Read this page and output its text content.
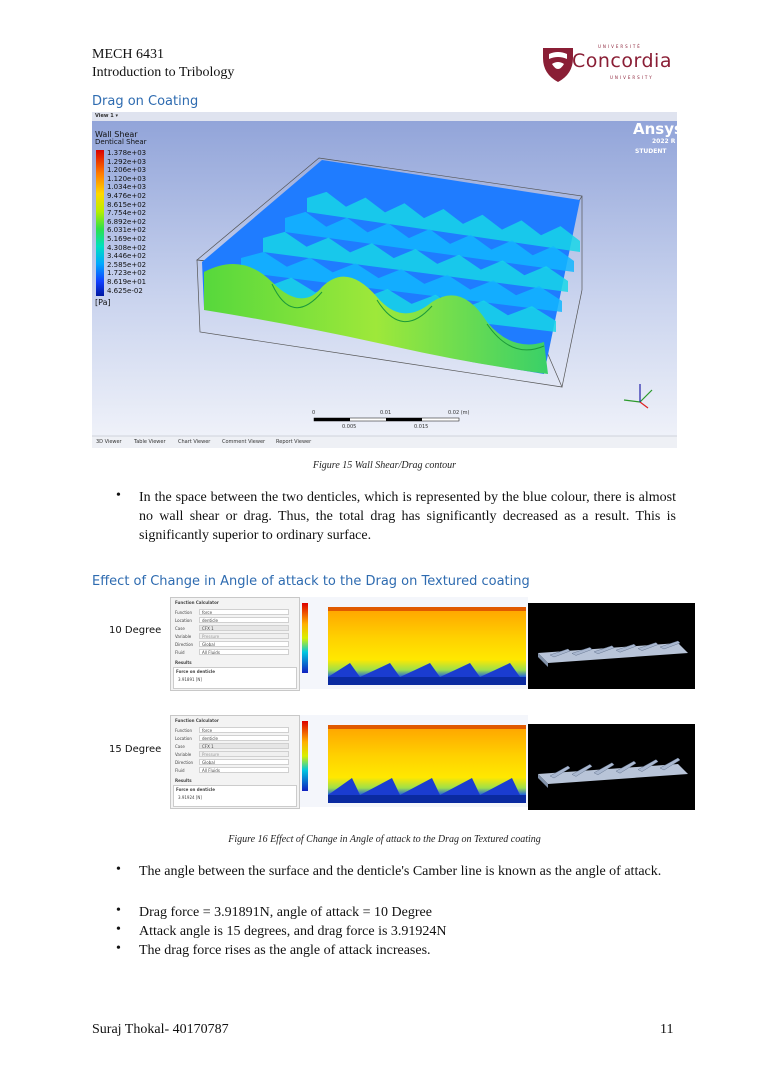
MECH 6431
Introduction to Tribology
UNIVERSITÉ
Concordia
UNIVERSITY
Drag on Coating
View 1 ▾
Wall Shear
Dentical Shear
1.378e+03
1.292e+03
1.206e+03
1.120e+03
1.034e+03
9.476e+02
8.615e+02
7.754e+02
6.892e+02
6.031e+02
5.169e+02
4.308e+02
3.446e+02
2.585e+02
1.723e+02
8.619e+01
4.625e-02
[Pa]
Ansys
2022 R
STUDENT
0	0.01	0.02 (m)
0.005	0.015
3D Viewer Table Viewer Chart Viewer Comment Viewer Report Viewer
Figure 15 Wall Shear/Drag contour
• In the space between the two denticles, which is represented by the blue colour, there is almost no wall shear or drag. Thus, the total drag has significantly decreased as a result. This is significantly superior to ordinary surface.
Effect of Change in Angle of attack to the Drag on Textured coating
10 Degree
Function Calculator
Function	force
Location	denticle
Case	CFX 1
Variable	Pressure
Direction	Global
Fluid	All Fluids
Results
Force on denticle
3.91891 [N]
15 Degree
Function Calculator
Function	force
Location	denticle
Case	CFX 1
Variable	Pressure
Direction	Global
Fluid	All Fluids
Results
Force on denticle
3.91924 [N]
Figure 16 Effect of Change in Angle of attack to the Drag on Textured coating
• The angle between the surface and the denticle's Camber line is known as the angle of attack.
• Drag force = 3.91891N, angle of attack = 10 Degree
• Attack angle is 15 degrees, and drag force is 3.91924N
• The drag force rises as the angle of attack increases.
Suraj Thokal- 40170787	11
